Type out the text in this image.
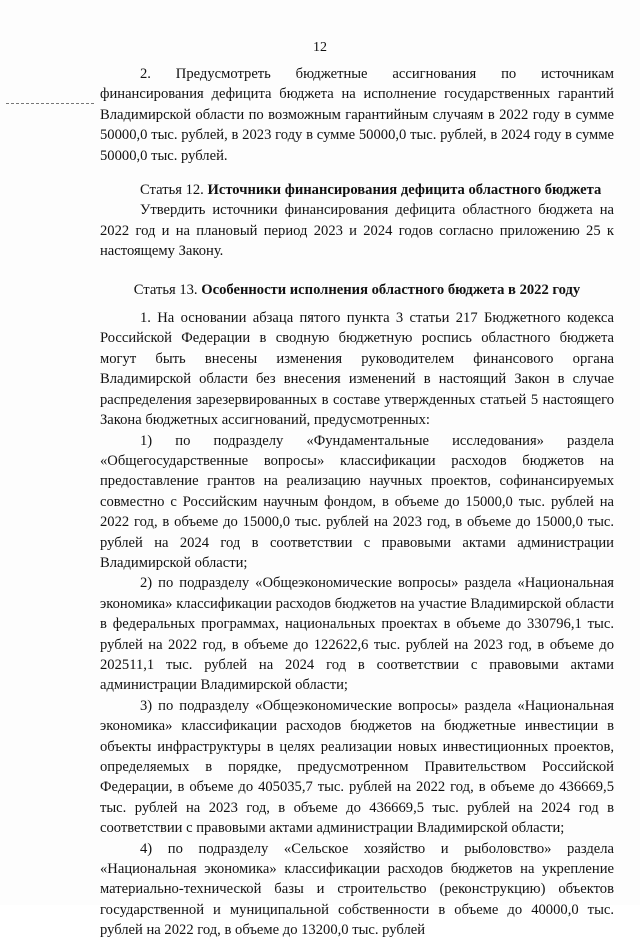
12

2. Предусмотреть бюджетные ассигнования по источникам финансирования дефицита бюджета на исполнение государственных гарантий Владимирской области по возможным гарантийным случаям в 2022 году в сумме 50000,0 тыс. рублей, в 2023 году в сумме 50000,0 тыс. рублей, в 2024 году в сумме 50000,0 тыс. рублей.

Статья 12. Источники финансирования дефицита областного бюджета

Утвердить источники финансирования дефицита областного бюджета на 2022 год и на плановый период 2023 и 2024 годов согласно приложению 25 к настоящему Закону.

Статья 13. Особенности исполнения областного бюджета в 2022 году

1. На основании абзаца пятого пункта 3 статьи 217 Бюджетного кодекса Российской Федерации в сводную бюджетную роспись областного бюджета могут быть внесены изменения руководителем финансового органа Владимирской области без внесения изменений в настоящий Закон в случае распределения зарезервированных в составе утвержденных статьей 5 настоящего Закона бюджетных ассигнований, предусмотренных:

1) по подразделу «Фундаментальные исследования» раздела «Общегосударственные вопросы» классификации расходов бюджетов на предоставление грантов на реализацию научных проектов, софинансируемых совместно с Российским научным фондом, в объеме до 15000,0 тыс. рублей на 2022 год, в объеме до 15000,0 тыс. рублей на 2023 год, в объеме до 15000,0 тыс. рублей на 2024 год в соответствии с правовыми актами администрации Владимирской области;

2) по подразделу «Общеэкономические вопросы» раздела «Национальная экономика» классификации расходов бюджетов на участие Владимирской области в федеральных программах, национальных проектах в объеме до 330796,1 тыс. рублей на 2022 год, в объеме до 122622,6 тыс. рублей на 2023 год, в объеме до 202511,1 тыс. рублей на 2024 год в соответствии с правовыми актами администрации Владимирской области;

3) по подразделу «Общеэкономические вопросы» раздела «Национальная экономика» классификации расходов бюджетов на бюджетные инвестиции в объекты инфраструктуры в целях реализации новых инвестиционных проектов, определяемых в порядке, предусмотренном Правительством Российской Федерации, в объеме до 405035,7 тыс. рублей на 2022 год, в объеме до 436669,5 тыс. рублей на 2023 год, в объеме до 436669,5 тыс. рублей на 2024 год в соответствии с правовыми актами администрации Владимирской области;

4) по подразделу «Сельское хозяйство и рыболовство» раздела «Национальная экономика» классификации расходов бюджетов на укрепление материально-технической базы и строительство (реконструкцию) объектов государственной и муниципальной собственности в объеме до 40000,0 тыс. рублей на 2022 год, в объеме до 13200,0 тыс. рублей
